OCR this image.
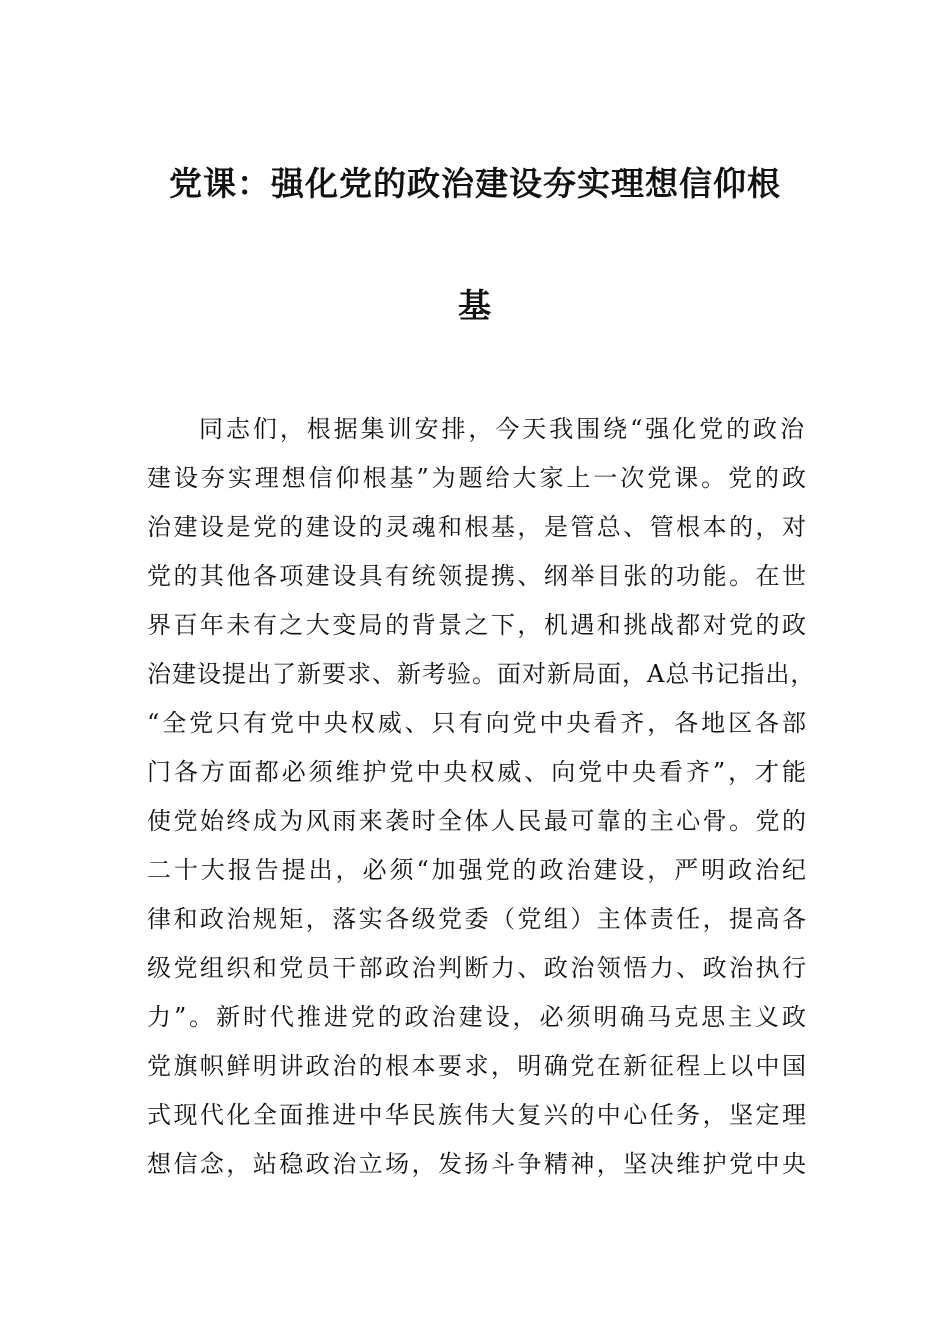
党课：强化党的政治建设夯实理想信仰根
基
同志们，根据集训安排，今天我围绕“强化党的政治
建设夯实理想信仰根基”为题给大家上一次党课。党的政
治建设是党的建设的灵魂和根基，是管总、管根本的，对
党的其他各项建设具有统领提携、纲举目张的功能。在世
界百年未有之大变局的背景之下，机遇和挑战都对党的政
治建设提出了新要求、新考验。面对新局面，A总书记指出，
“全党只有党中央权威、只有向党中央看齐，各地区各部
门各方面都必须维护党中央权威、向党中央看齐”，才能
使党始终成为风雨来袭时全体人民最可靠的主心骨。党的
二十大报告提出，必须“加强党的政治建设，严明政治纪
律和政治规矩，落实各级党委（党组）主体责任，提高各
级党组织和党员干部政治判断力、政治领悟力、政治执行
力”。新时代推进党的政治建设，必须明确马克思主义政
党旗帜鲜明讲政治的根本要求，明确党在新征程上以中国
式现代化全面推进中华民族伟大复兴的中心任务，坚定理
想信念，站稳政治立场，发扬斗争精神，坚决维护党中央
